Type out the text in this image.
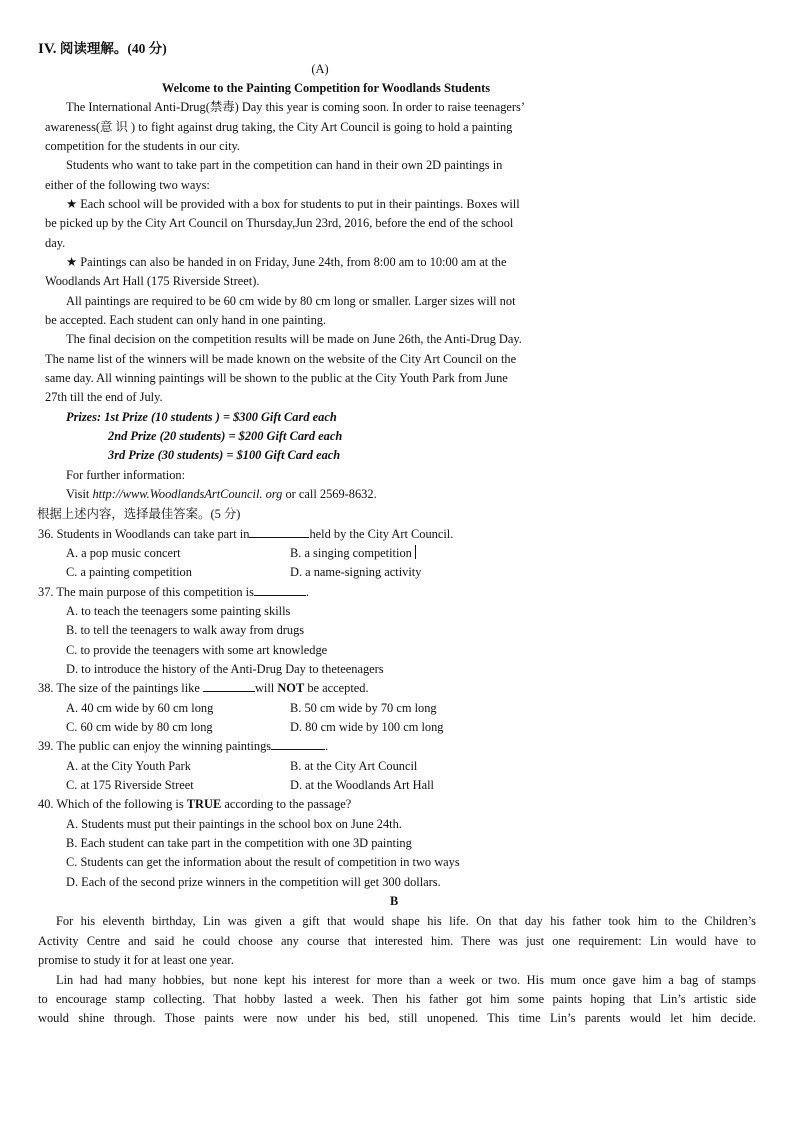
IV. 阅读理解。(40 分)
(A)
Welcome to the Painting Competition for Woodlands Students
The International Anti-Drug(禁毒) Day this year is coming soon. In order to raise teenagers’
awareness(意 识 ) to fight against drug taking, the City Art Council is going to hold a painting
competition for the students in our city.
Students who want to take part in the competition can hand in their own 2D paintings in
either of the following two ways:
★ Each school will be provided with a box for students to put in their paintings. Boxes will
be picked up by the City Art Council on Thursday,Jun 23rd, 2016, before the end of the school
day.
★ Paintings can also be handed in on Friday, June 24th, from 8:00 am to 10:00 am at the
Woodlands Art Hall (175 Riverside Street).
All paintings are required to be 60 cm wide by 80 cm long or smaller. Larger sizes will not
be accepted. Each student can only hand in one painting.
The final decision on the competition results will be made on June 26th, the Anti-Drug Day.
The name list of the winners will be made known on the website of the City Art Council on the
same day. All winning paintings will be shown to the public at the City Youth Park from June
27th till the end of July.
Prizes: 1st Prize (10 students ) = $300 Gift Card each
2nd Prize (20 students) = $200 Gift Card each
3rd Prize (30 students) = $100 Gift Card each
For further information:
Visit http://www.WoodlandsArtCouncil. org or call 2569-8632.
根据上述内容，选择最佳答案。(5 分)
36. Students in Woodlands can take part in	held by the City Art Council.
A. a pop music concert	B. a singing competition
C. a painting competition	D. a name-signing activity
37. The main purpose of this competition is	.
A. to teach the teenagers some painting skills
B. to tell the teenagers to walk away from drugs
C. to provide the teenagers with some art knowledge
D. to introduce the history of the Anti-Drug Day to theteenagers
38. The size of the paintings like	will NOT be accepted.
A. 40 cm wide by 60 cm long	B. 50 cm wide by 70 cm long
C. 60 cm wide by 80 cm long	D. 80 cm wide by 100 cm long
39. The public can enjoy the winning paintings	.
A. at the City Youth Park	B. at the City Art Council
C. at 175 Riverside Street	D. at the Woodlands Art Hall
40. Which of the following is TRUE according to the passage?
A. Students must put their paintings in the school box on June 24th.
B. Each student can take part in the competition with one 3D painting
C. Students can get the information about the result of competition in two ways
D. Each of the second prize winners in the competition will get 300 dollars.
B
For his eleventh birthday, Lin was given a gift that would shape his life. On that day his father took him to the Children’s
Activity Centre and said he could choose any course that interested him. There was just one requirement: Lin would have to
promise to study it for at least one year.
Lin had had many hobbies, but none kept his interest for more than a week or two. His mum once gave him a bag of stamps
to encourage stamp collecting. That hobby lasted a week. Then his father got him some paints hoping that Lin’s artistic side
would shine through. Those paints were now under his bed, still unopened. This time Lin’s parents would let him decide.
